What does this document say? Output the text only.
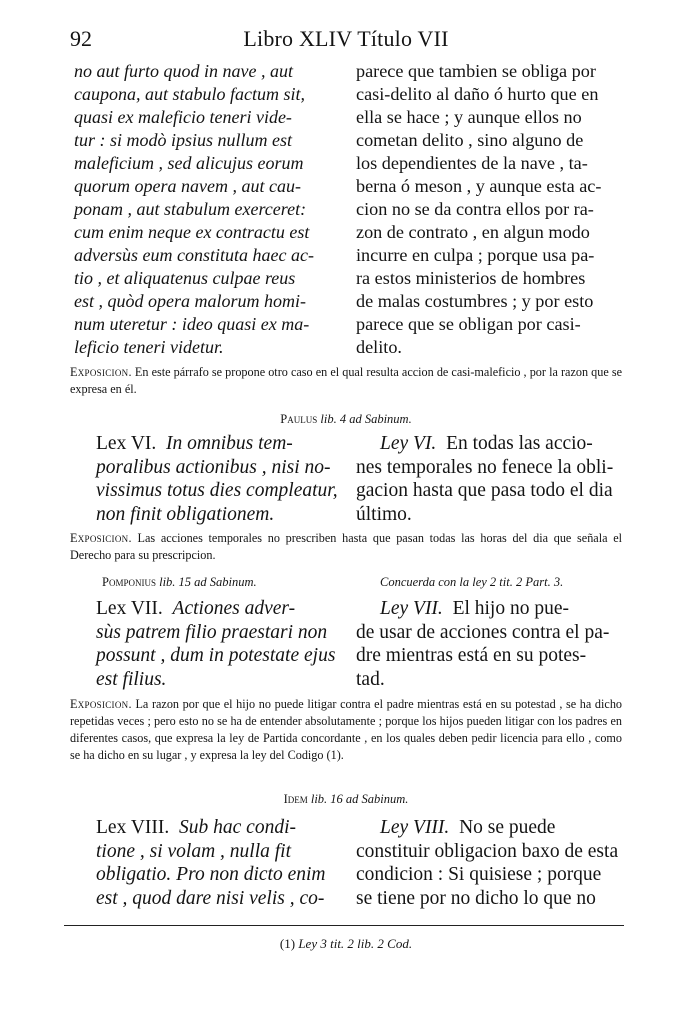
92	Libro XLIV Título VII
no aut furto quod in nave , aut
caupona, aut stabulo factum sit,
quasi ex maleficio teneri vide-
tur : si modò ipsius nullum est
maleficium , sed alicujus eorum
quorum opera navem , aut cau-
ponam , aut stabulum exerceret:
cum enim neque ex contractu est
adversùs eum constituta haec ac-
tio , et aliquatenus culpae reus
est , quòd opera malorum homi-
num uteretur : ideo quasi ex ma-
leficio teneri videtur.
parece que tambien se obliga por
casi-delito al daño ó hurto que en
ella se hace ; y aunque ellos no
cometan delito , sino alguno de
los dependientes de la nave , ta-
berna ó meson , y aunque esta ac-
cion no se da contra ellos por ra-
zon de contrato , en algun modo
incurre en culpa ; porque usa pa-
ra estos ministerios de hombres
de malas costumbres ; y por esto
parece que se obligan por casi-
delito.
Exposicion. En este párrafo se propone otro caso en el qual resulta accion de casi-maleficio , por la razon que se expresa en él.
Paulus lib. 4 ad Sabinum.
Lex VI. In omnibus tem-
poralibus actionibus , nisi no-
vissimus totus dies compleatur,
non finit obligationem.
Ley VI. En todas las accio-
nes temporales no fenece la obli-
gacion hasta que pasa todo el dia
último.
Exposicion. Las acciones temporales no prescriben hasta que pasan todas las horas del dia que señala el Derecho para su prescripcion.
Pomponius lib. 15 ad Sabinum.	Concuerda con la ley 2 tit. 2 Part. 3.
Lex VII. Actiones adver-
sùs patrem filio praestari non
possunt , dum in potestate ejus
est filius.
Ley VII. El hijo no pue-
de usar de acciones contra el pa-
dre mientras está en su potes-
tad.
Exposicion. La razon por que el hijo no puede litigar contra el padre mientras está en su potestad , se ha dicho repetidas veces ; pero esto no se ha de entender absolutamente ; porque los hijos pueden litigar con los padres en diferentes casos, que expresa la ley de Partida concordante , en los quales deben pedir licencia para ello , como se ha dicho en su lugar , y expresa la ley del Codigo (1).
Idem lib. 16 ad Sabinum.
Lex VIII. Sub hac condi-
tione , si volam , nulla fit
obligatio. Pro non dicto enim
est , quod dare nisi velis , co-
Ley VIII. No se puede
constituir obligacion baxo de esta
condicion : Si quisiese ; porque
se tiene por no dicho lo que no
(1) Ley 3 tit. 2 lib. 2 Cod.
